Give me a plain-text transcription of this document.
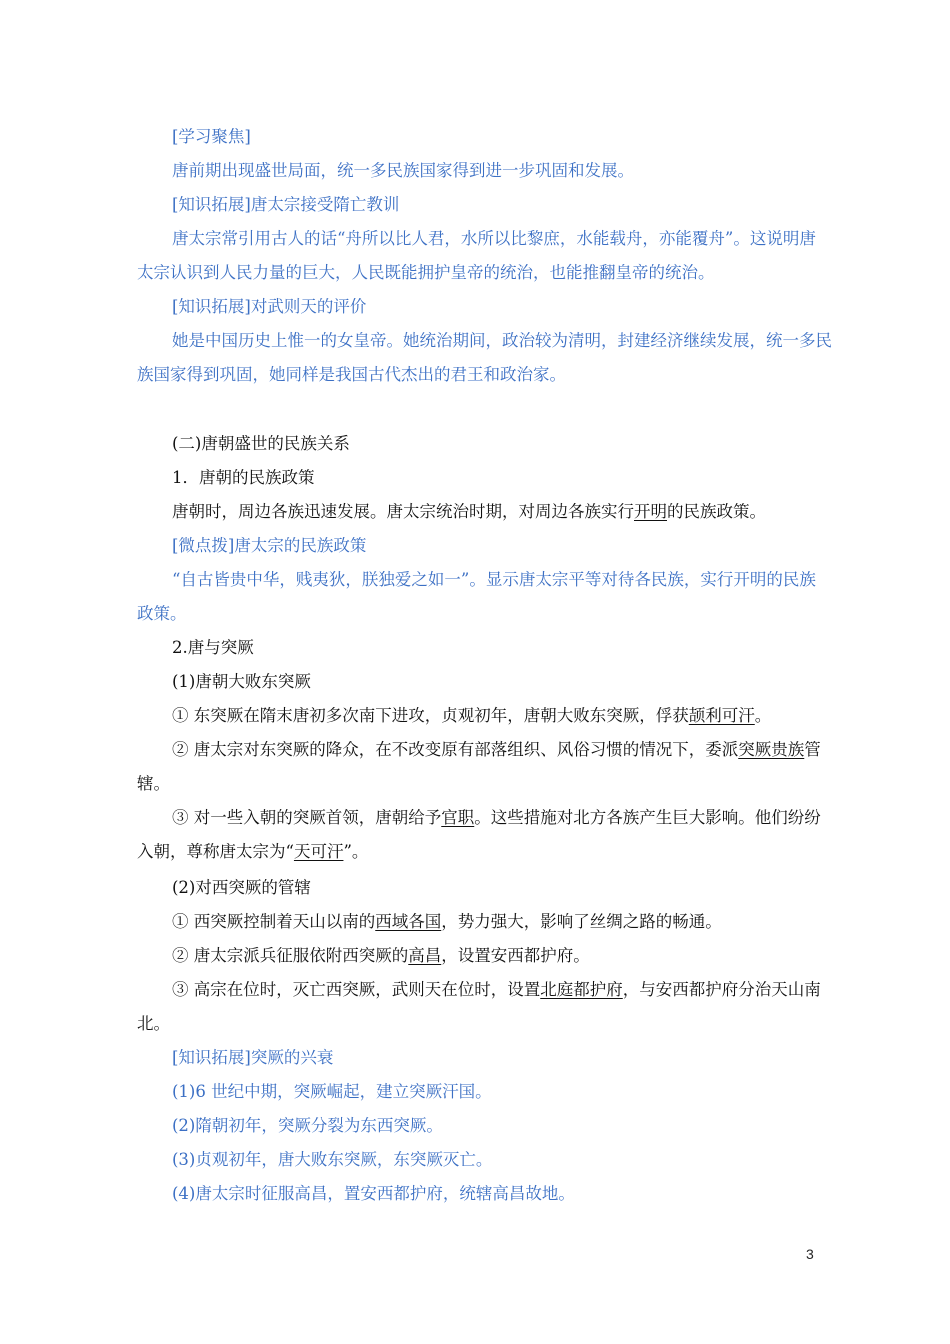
[学习聚焦]
唐前期出现盛世局面，统一多民族国家得到进一步巩固和发展。
[知识拓展]唐太宗接受隋亡教训
唐太宗常引用古人的话“舟所以比人君，水所以比黎庶，水能载舟，亦能覆舟”。这说明唐
太宗认识到人民力量的巨大，人民既能拥护皇帝的统治，也能推翻皇帝的统治。
[知识拓展]对武则天的评价
她是中国历史上惟一的女皇帝。她统治期间，政治较为清明，封建经济继续发展，统一多民
族国家得到巩固，她同样是我国古代杰出的君王和政治家。
(二)唐朝盛世的民族关系
1．唐朝的民族政策
唐朝时，周边各族迅速发展。唐太宗统治时期，对周边各族实行开明的民族政策。
[微点拨]唐太宗的民族政策
“自古皆贵中华，贱夷狄，朕独爱之如一”。显示唐太宗平等对待各民族，实行开明的民族
政策。
2.唐与突厥
(1)唐朝大败东突厥
① 东突厥在隋末唐初多次南下进攻，贞观初年，唐朝大败东突厥，俘获颉利可汗。
② 唐太宗对东突厥的降众，在不改变原有部落组织、风俗习惯的情况下，委派突厥贵族管
辖。
③ 对一些入朝的突厥首领，唐朝给予官职。这些措施对北方各族产生巨大影响。他们纷纷
入朝，尊称唐太宗为“天可汗”。
(2)对西突厥的管辖
① 西突厥控制着天山以南的西域各国，势力强大，影响了丝绸之路的畅通。
② 唐太宗派兵征服依附西突厥的高昌，设置安西都护府。
③ 高宗在位时，灭亡西突厥，武则天在位时，设置北庭都护府，与安西都护府分治天山南
北。
[知识拓展]突厥的兴衰
(1)6 世纪中期，突厥崛起，建立突厥汗国。
(2)隋朝初年，突厥分裂为东西突厥。
(3)贞观初年，唐大败东突厥，东突厥灭亡。
(4)唐太宗时征服高昌，置安西都护府，统辖高昌故地。
3
